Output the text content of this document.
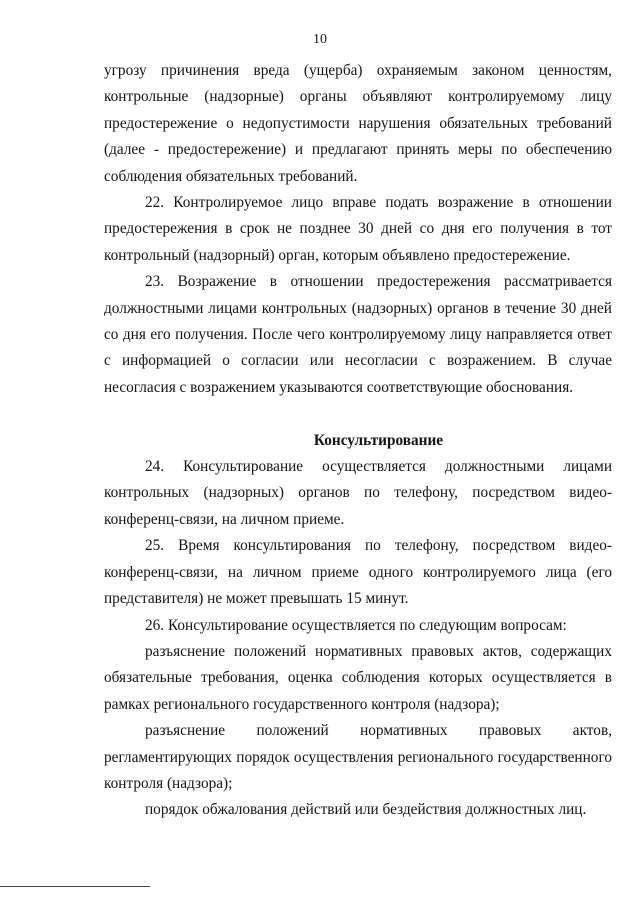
10

угрозу причинения вреда (ущерба) охраняемым законом ценностям, контрольные (надзорные) органы объявляют контролируемому лицу предостережение о недопустимости нарушения обязательных требований (далее - предостережение) и предлагают принять меры по обеспечению соблюдения обязательных требований.

22. Контролируемое лицо вправе подать возражение в отношении предостережения в срок не позднее 30 дней со дня его получения в тот контрольный (надзорный) орган, которым объявлено предостережение.

23. Возражение в отношении предостережения рассматривается должностными лицами контрольных (надзорных) органов в течение 30 дней со дня его получения. После чего контролируемому лицу направляется ответ с информацией о согласии или несогласии с возражением. В случае несогласия с возражением указываются соответствующие обоснования.

Консультирование

24. Консультирование осуществляется должностными лицами контрольных (надзорных) органов по телефону, посредством видео-конференц-связи, на личном приеме.

25. Время консультирования по телефону, посредством видео-конференц-связи, на личном приеме одного контролируемого лица (его представителя) не может превышать 15 минут.

26. Консультирование осуществляется по следующим вопросам:

разъяснение положений нормативных правовых актов, содержащих обязательные требования, оценка соблюдения которых осуществляется в рамках регионального государственного контроля (надзора);

разъяснение положений нормативных правовых актов, регламентирующих порядок осуществления регионального государственного контроля (надзора);

порядок обжалования действий или бездействия должностных лиц.
